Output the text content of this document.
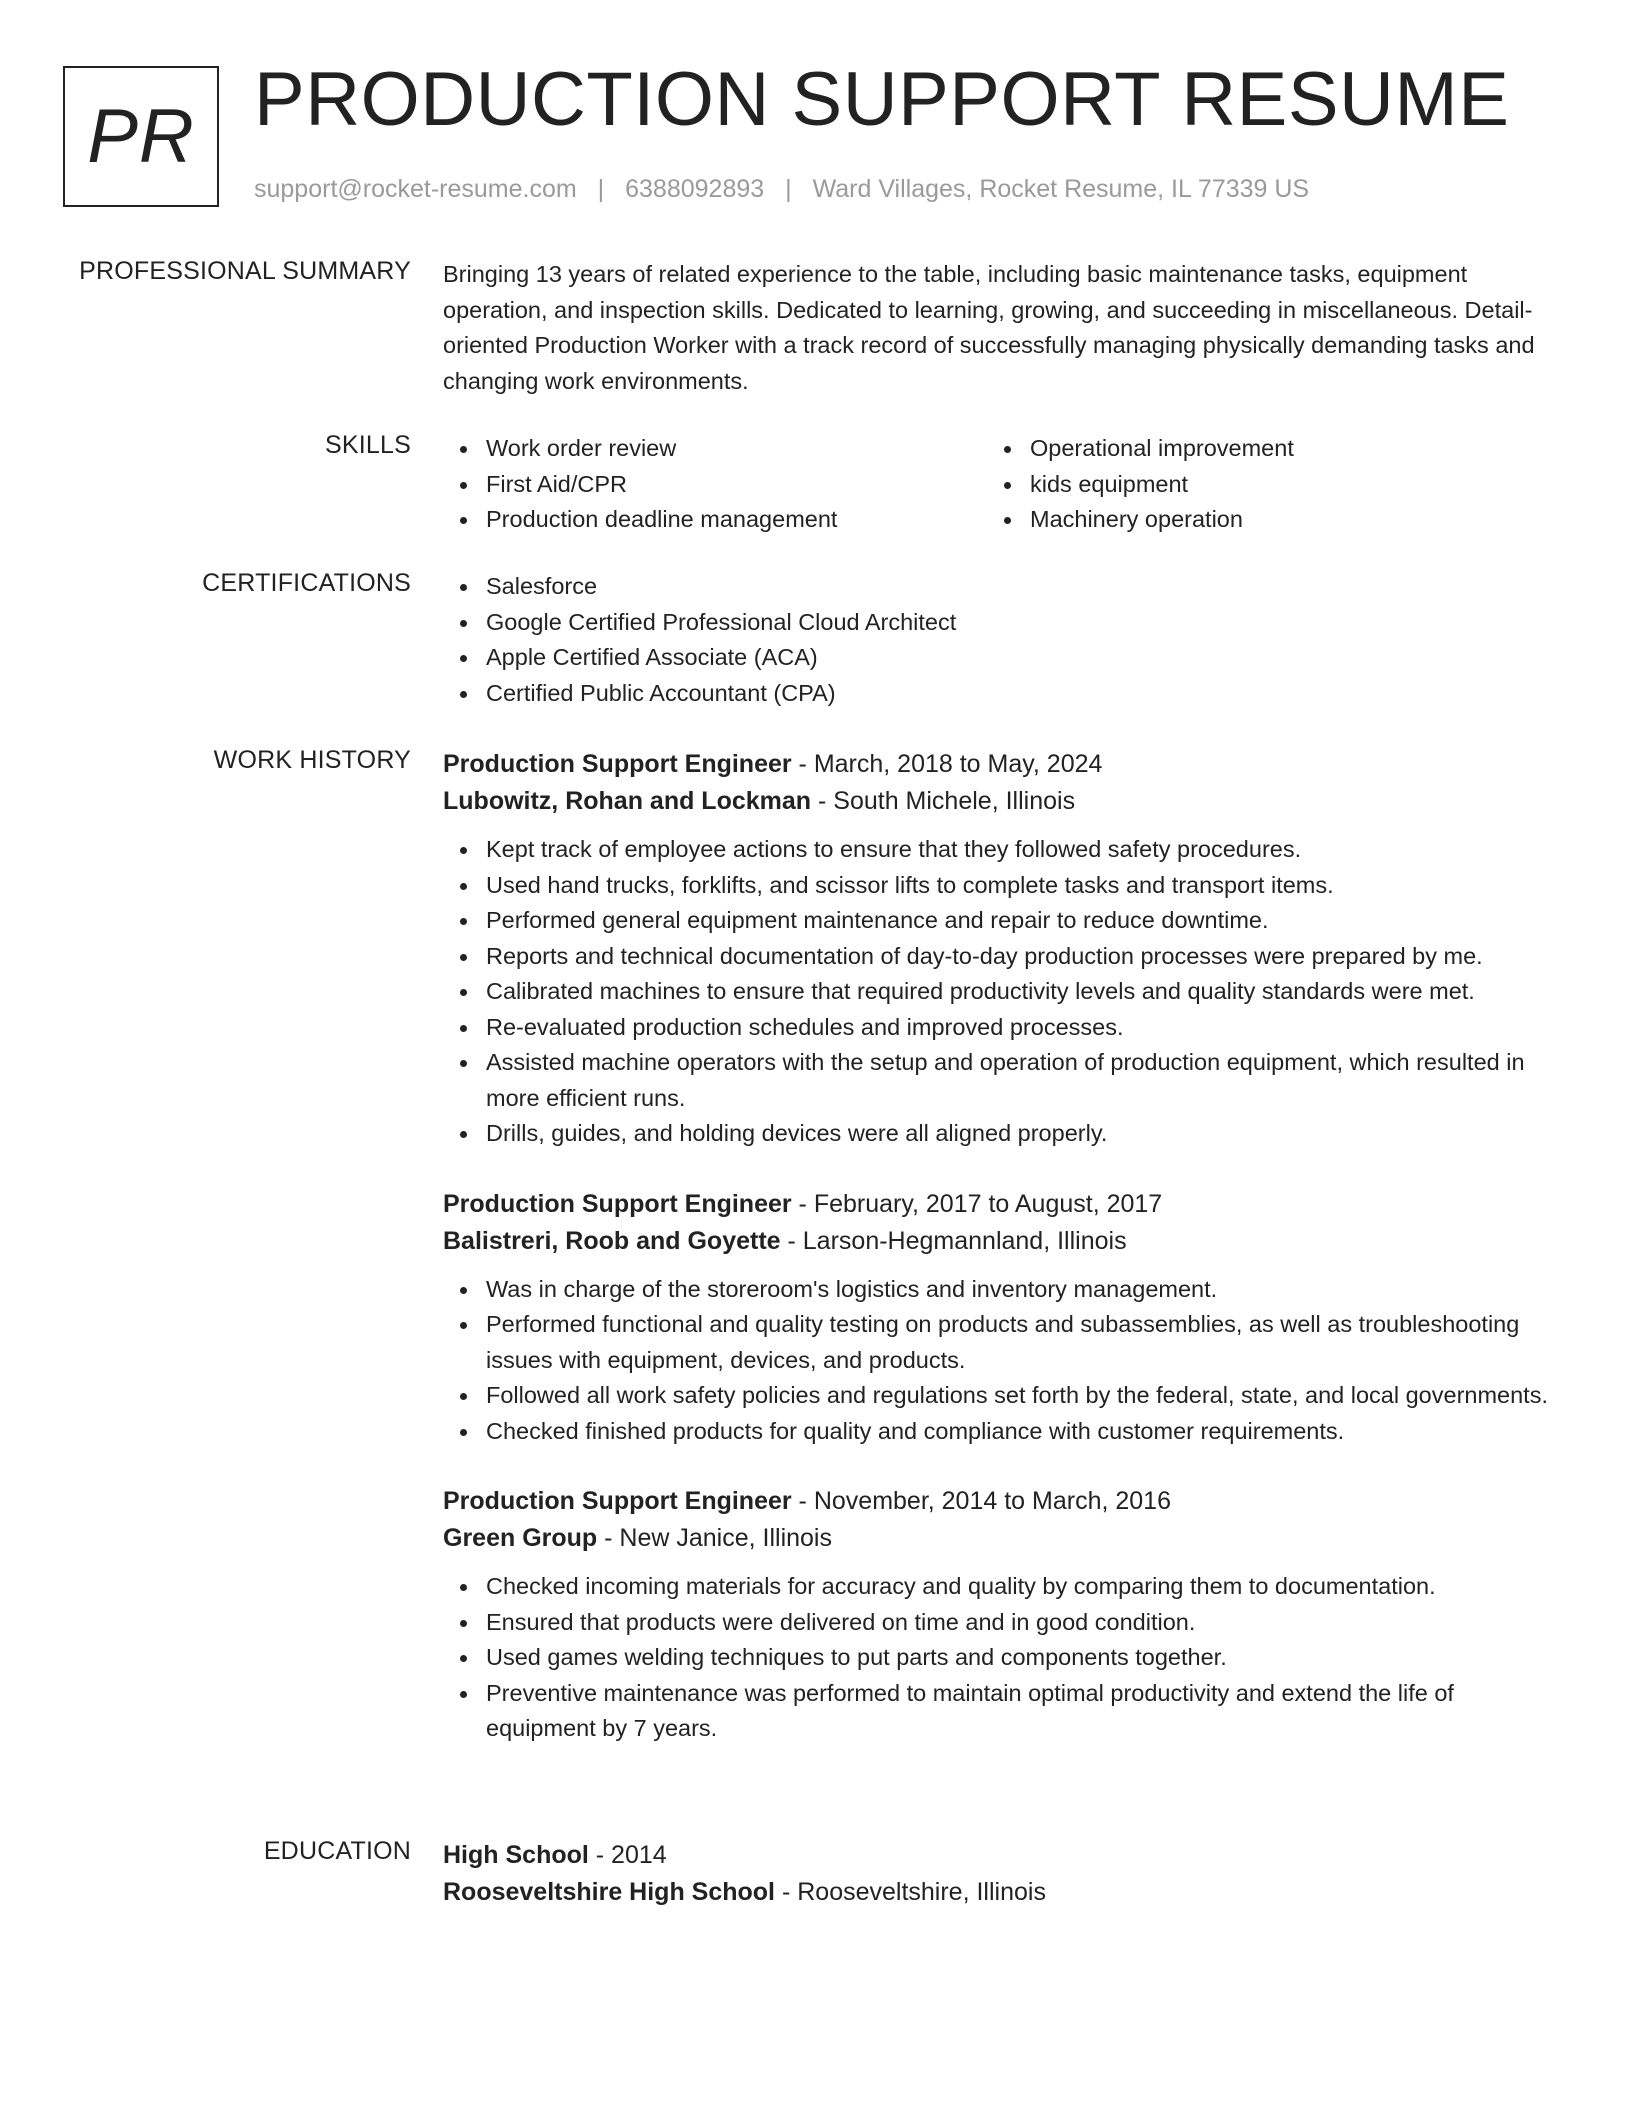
PR PRODUCTION SUPPORT RESUME
support@rocket-resume.com | 6388092893 | Ward Villages, Rocket Resume, IL 77339 US
PROFESSIONAL SUMMARY Bringing 13 years of related experience to the table, including basic maintenance tasks, equipment operation, and inspection skills. Dedicated to learning, growing, and succeeding in miscellaneous. Detail-oriented Production Worker with a track record of successfully managing physically demanding tasks and changing work environments.

SKILLS	Work order review
First Aid/CPR
Production deadline management
Operational improvement
kids equipment
Machinery operation
CERTIFICATIONS	Salesforce
Google Certified Professional Cloud Architect
Apple Certified Associate (ACA)
Certified Public Accountant (CPA)
WORK HISTORY Production Support Engineer - March, 2018 to May, 2024
Lubowitz, Rohan and Lockman - South Michele, Illinois
Kept track of employee actions to ensure that they followed safety procedures.
Used hand trucks, forklifts, and scissor lifts to complete tasks and transport items.
Performed general equipment maintenance and repair to reduce downtime.
Reports and technical documentation of day-to-day production processes were prepared by me.
Calibrated machines to ensure that required productivity levels and quality standards were met.
Re-evaluated production schedules and improved processes.
Assisted machine operators with the setup and operation of production equipment, which resulted in more efficient runs.
Drills, guides, and holding devices were all aligned properly.
Production Support Engineer - February, 2017 to August, 2017
Balistreri, Roob and Goyette - Larson-Hegmannland, Illinois
Was in charge of the storeroom's logistics and inventory management.
Performed functional and quality testing on products and subassemblies, as well as troubleshooting issues with equipment, devices, and products.
Followed all work safety policies and regulations set forth by the federal, state, and local governments.
Checked finished products for quality and compliance with customer requirements.
Production Support Engineer - November, 2014 to March, 2016
Green Group - New Janice, Illinois
Checked incoming materials for accuracy and quality by comparing them to documentation.
Ensured that products were delivered on time and in good condition.
Used games welding techniques to put parts and components together.
Preventive maintenance was performed to maintain optimal productivity and extend the life of equipment by 7 years.
EDUCATION High School - 2014
Rooseveltshire High School - Rooseveltshire, Illinois
